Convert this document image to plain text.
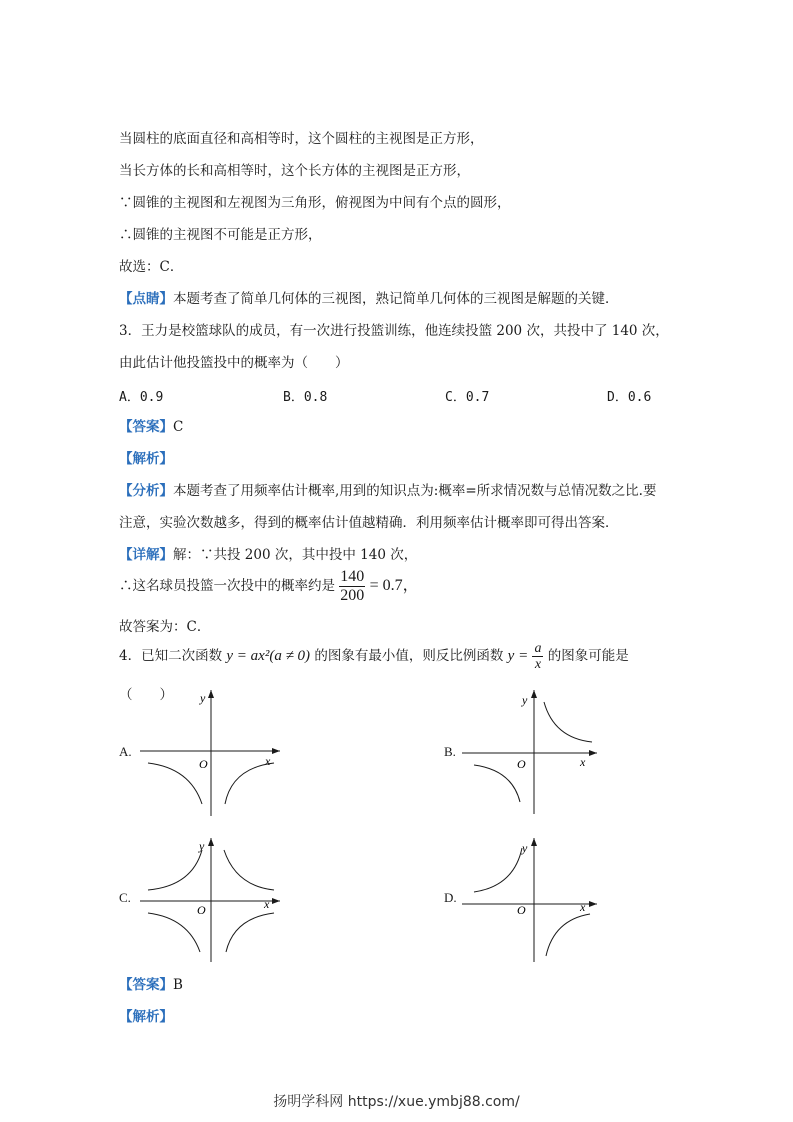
当圆柱的底面直径和高相等时，这个圆柱的主视图是正方形，
当长方体的长和高相等时，这个长方体的主视图是正方形，
∵圆锥的主视图和左视图为三角形，俯视图为中间有个点的圆形，
∴圆锥的主视图不可能是正方形，
故选：C．
【点睛】本题考查了简单几何体的三视图，熟记简单几何体的三视图是解题的关键．
3．王力是校篮球队的成员，有一次进行投篮训练，他连续投篮 200 次，共投中了 140 次，
由此估计他投篮投中的概率为（　　）
A．0.9	B．0.8	C．0.7	D．0.6
【答案】C
【解析】
【分析】本题考查了用频率估计概率,用到的知识点为:概率=所求情况数与总情况数之比.要
注意，实验次数越多，得到的概率估计值越精确．利用频率估计概率即可得出答案．
【详解】解：∵共投 200 次，其中投中 140 次，
∴这名球员投篮一次投中的概率约是 $\frac{140}{200} = 0.7$，
故答案为：C．
4．已知二次函数 y = ax²(a ≠ 0) 的图象有最小值，则反比例函数 $y = \frac{a}{x}$ 的图象可能是
（　　）
A.	B.
C.	D.
y
x
O
y
x
O
y
x
O
y
x
O
【答案】B
【解析】
扬明学科网 https://xue.ymbj88.com/
